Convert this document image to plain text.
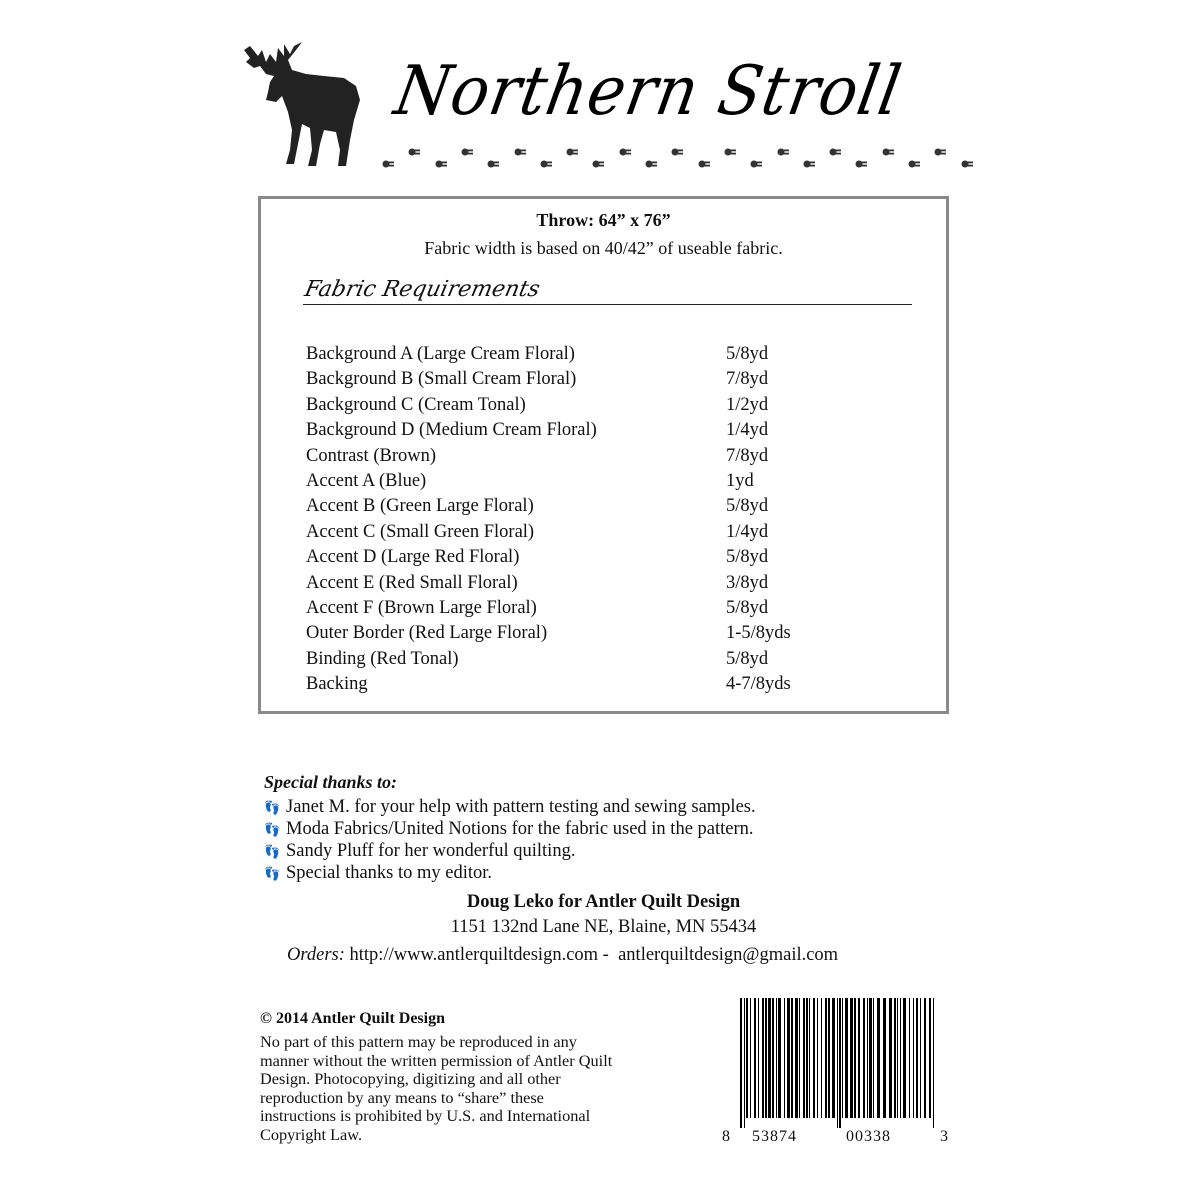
Northern Stroll
Throw: 64” x 76”
Fabric width is based on 40/42” of useable fabric.
Fabric Requirements
Background A (Large Cream Floral)	5/8yd
Background B (Small Cream Floral)	7/8yd
Background C (Cream Tonal)	1/2yd
Background D (Medium Cream Floral)	1/4yd
Contrast (Brown)	7/8yd
Accent A (Blue)	1yd
Accent B (Green Large Floral)	5/8yd
Accent C (Small Green Floral)	1/4yd
Accent D (Large Red Floral)	5/8yd
Accent E (Red Small Floral)	3/8yd
Accent F (Brown Large Floral)	5/8yd
Outer Border (Red Large Floral)	1-5/8yds
Binding (Red Tonal)	5/8yd
Backing	4-7/8yds
Special thanks to:
👣 Janet M. for your help with pattern testing and sewing samples.
👣 Moda Fabrics/United Notions for the fabric used in the pattern.
👣 Sandy Pluff for her wonderful quilting.
👣 Special thanks to my editor.
Doug Leko for Antler Quilt Design
1151 132nd Lane NE, Blaine, MN 55434
Orders: http://www.antlerquiltdesign.com - antlerquiltdesign@gmail.com
© 2014 Antler Quilt Design
No part of this pattern may be reproduced in any
manner without the written permission of Antler Quilt
Design. Photocopying, digitizing and all other
reproduction by any means to “share” these
instructions is prohibited by U.S. and International
Copyright Law.	8 53874	00338	3
